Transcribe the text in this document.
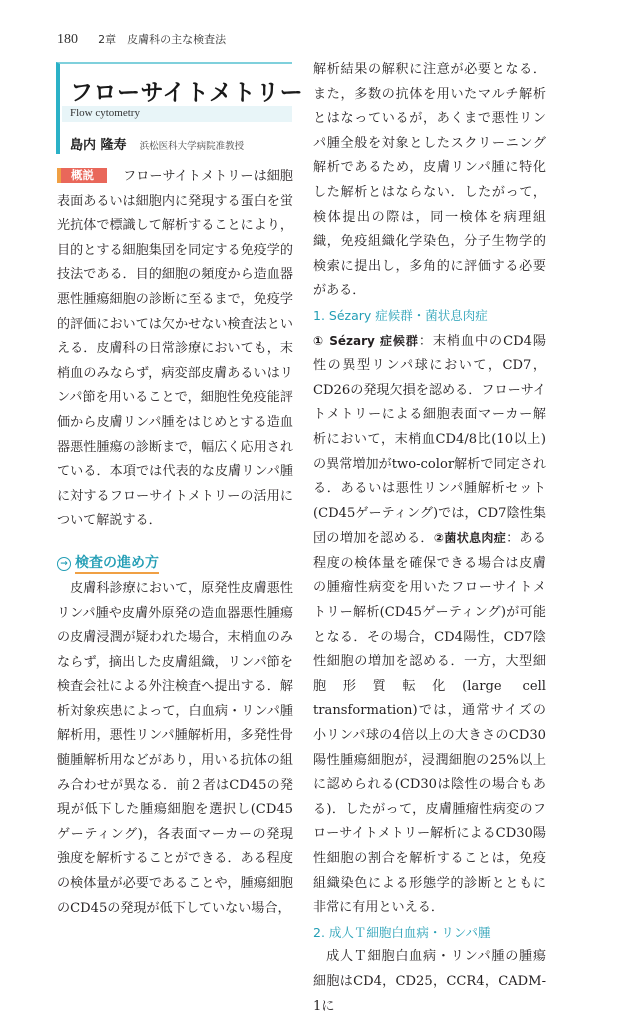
180 2章　皮膚科の主な検査法
フローサイトメトリー
Flow cytometry
島内 隆寿 浜松医科大学病院准教授

概説 フローサイトメトリーは細胞表面あるいは細胞内に発現する蛋白を蛍光抗体で標識して解析することにより，目的とする細胞集団を同定する免疫学的技法である．目的細胞の頻度から造血器悪性腫瘍細胞の診断に至るまで，免疫学的評価においては欠かせない検査法といえる．皮膚科の日常診療においても，末梢血のみならず，病変部皮膚あるいはリンパ節を用いることで，細胞性免疫能評価から皮膚リンパ腫をはじめとする造血器悪性腫瘍の診断まで，幅広く応用されている．本項では代表的な皮膚リンパ腫に対するフローサイトメトリーの活用について解説する．

→ 検査の進め方

皮膚科診療において，原発性皮膚悪性リンパ腫や皮膚外原発の造血器悪性腫瘍の皮膚浸潤が疑われた場合，末梢血のみならず，摘出した皮膚組織，リンパ節を検査会社による外注検査へ提出する．解析対象疾患によって，白血病・リンパ腫解析用，悪性リンパ腫解析用，多発性骨髄腫解析用などがあり，用いる抗体の組み合わせが異なる．前２者はCD45の発現が低下した腫瘍細胞を選択し(CD45ゲーティング)，各表面マーカーの発現強度を解析することができる．ある程度の検体量が必要であることや，腫瘍細胞のCD45の発現が低下していない場合，

解析結果の解釈に注意が必要となる．また，多数の抗体を用いたマルチ解析とはなっているが，あくまで悪性リンパ腫全般を対象としたスクリーニング解析であるため，皮膚リンパ腫に特化した解析とはならない．したがって，検体提出の際は，同一検体を病理組織，免疫組織化学染色，分子生物学的検索に提出し，多角的に評価する必要がある．

1. Sézary 症候群・菌状息肉症

① Sézary 症候群：末梢血中のCD4陽性の異型リンパ球において，CD7，CD26の発現欠損を認める．フローサイトメトリーによる細胞表面マーカー解析において，末梢血CD4/8比(10以上)の異常増加がtwo-color解析で同定される．あるいは悪性リンパ腫解析セット(CD45ゲーティング)では，CD7陰性集団の増加を認める．②菌状息肉症：ある程度の検体量を確保できる場合は皮膚の腫瘤性病変を用いたフローサイトメトリー解析(CD45ゲーティング)が可能となる．その場合，CD4陽性，CD7陰性細胞の増加を認める．一方，大型細胞形質転化(large cell transformation)では，通常サイズの小リンパ球の4倍以上の大きさのCD30陽性腫瘍細胞が，浸潤細胞の25%以上に認められる(CD30は陰性の場合もある)．したがって，皮膚腫瘤性病変のフローサイトメトリー解析によるCD30陽性細胞の割合を解析することは，免疫組織染色による形態学的診断とともに非常に有用といえる．

2. 成人Ｔ細胞白血病・リンパ腫

成人Ｔ細胞白血病・リンパ腫の腫瘍細胞はCD4，CD25，CCR4，CADM-1に
